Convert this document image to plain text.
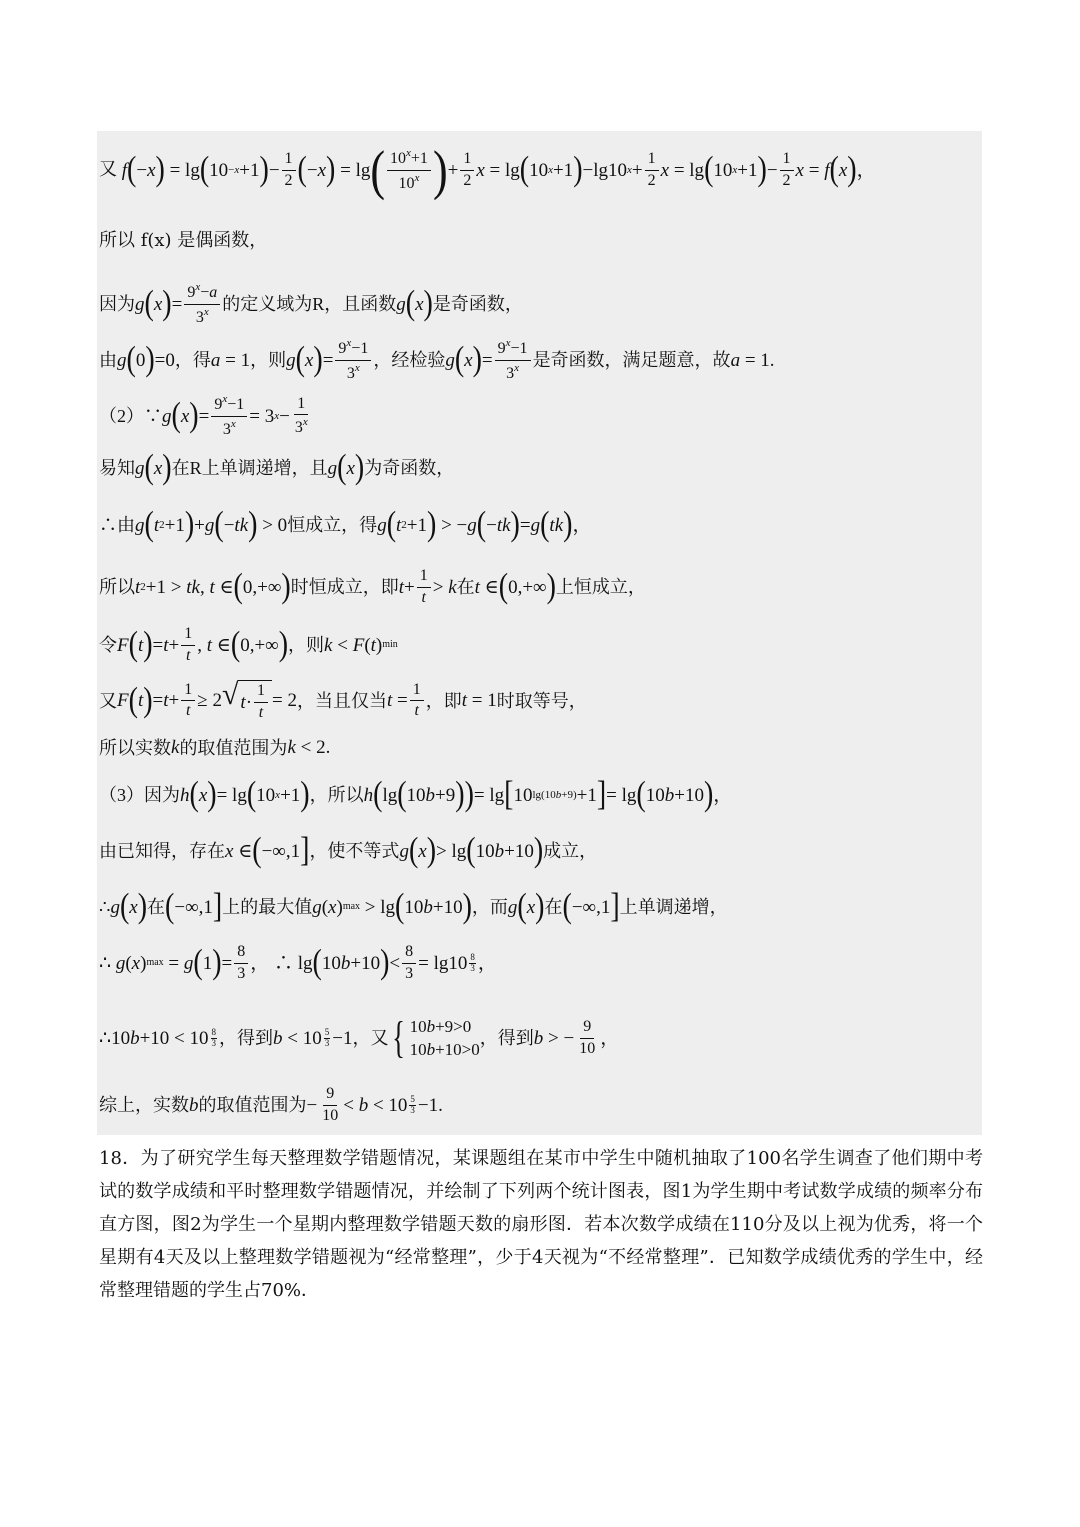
又
f ( − x ) = lg ( 10 −x +1 ) − $\frac{1}{2}$ ( − x ) = lg ( $\frac{10^x+1}{10^x}$ ) + $\frac{1}{2}$ x = lg ( 10 x +1 ) −lg10 $x + \frac{1}{2}$ x = lg ( 10 x +1 ) − $\frac{1}{2}$ x = f ( x ) ，
所以 f(x) 是偶函数，
因为 g ( x ) = $\frac{9^x-a}{3^x}$ 的定义域为R，且函数 g ( x ) 是奇函数，
由 g ( 0 ) =0 ，得 a = 1 ，则 g ( x ) = $\frac{9^x-1}{3^x}$ ，经检验 g ( x ) = $\frac{9^x-1}{3^x}$ 是奇函数，满足题意，故 a = 1.
（2）∵ g ( x ) = $\frac{9^x-1}{3^x} = 3$ $x - \frac{1}{3^x}$
易知 g ( x ) 在R上单调递增，且 g ( x ) 为奇函数，
∴由 g ( t 2 +1 ) + g ( − tk ) > 0 恒成立，得 g ( t 2 +1 ) > − g ( − tk ) = g ( tk ) ，
所以 t 2 +1 > tk , t ∈ ( 0,+∞ ) 时恒成立，即 $t + \frac{1}{t} > k$ 在 t ∈ ( 0,+∞ ) 上恒成立，
令 F ( t ) = $t + \frac{1}{t}$ , t ∈ ( 0,+∞ ) ，则 k < F ( t ) min
又 F ( t ) = $t + \frac{1}{t} \ge 2$ √ $t \cdot \frac{1}{t} = 2$ ，当且仅当 $t = \frac{1}{t}$ ，即 t = 1 时取等号，
所以实数 k 的取值范围为 k < 2.
（3）因为 h ( x ) = lg ( 10 x +1 ) ，所以 h ( lg ( 10 b +9 ) ) = lg [ 10 lg(10b+9) +1 ] = lg ( 10 b +10 ) ，
由已知得，存在 x ∈ ( −∞,1 ] ，使不等式 g ( x ) > lg ( 10 b +10 ) 成立，
∴ g ( x ) 在 ( −∞,1 ] 上的最大值 g ( x ) max > lg ( 10 b +10 ) ，而 g ( x ) 在 ( −∞,1 ] 上单调递增，
∴ g ( x ) max = g ( 1 ) = $\frac{8}{3}$ ， ∴ lg ( 10 b +10 ) < $\frac{8}{3} = \lg 10 \frac{8}{3}$ ，
∴10 $b +10 < 10 \frac{8}{3}$ ，得到 $b < 10 \frac{5}{3} -1$ ，又 { 10b+9>0
10b+10>0
，得到 b > − $\frac{9}{10}$ ，
综上，实数 b 的取值范围为 − $\frac{9}{10} < b < 10 \frac{5}{3} -1$.
18．为了研究学生每天整理数学错题情况，某课题组在某市中学生中随机抽取了100名学生调查了他们期中考试的数学成绩和平时整理数学错题情况，并绘制了下列两个统计图表，图1为学生期中考试数学成绩的频率分布直方图，图2为学生一个星期内整理数学错题天数的扇形图．若本次数学成绩在110分及以上视为优秀，将一个星期有4天及以上整理数学错题视为“经常整理”，少于4天视为“不经常整理”．已知数学成绩优秀的学生中，经常整理错题的学生占70%．
